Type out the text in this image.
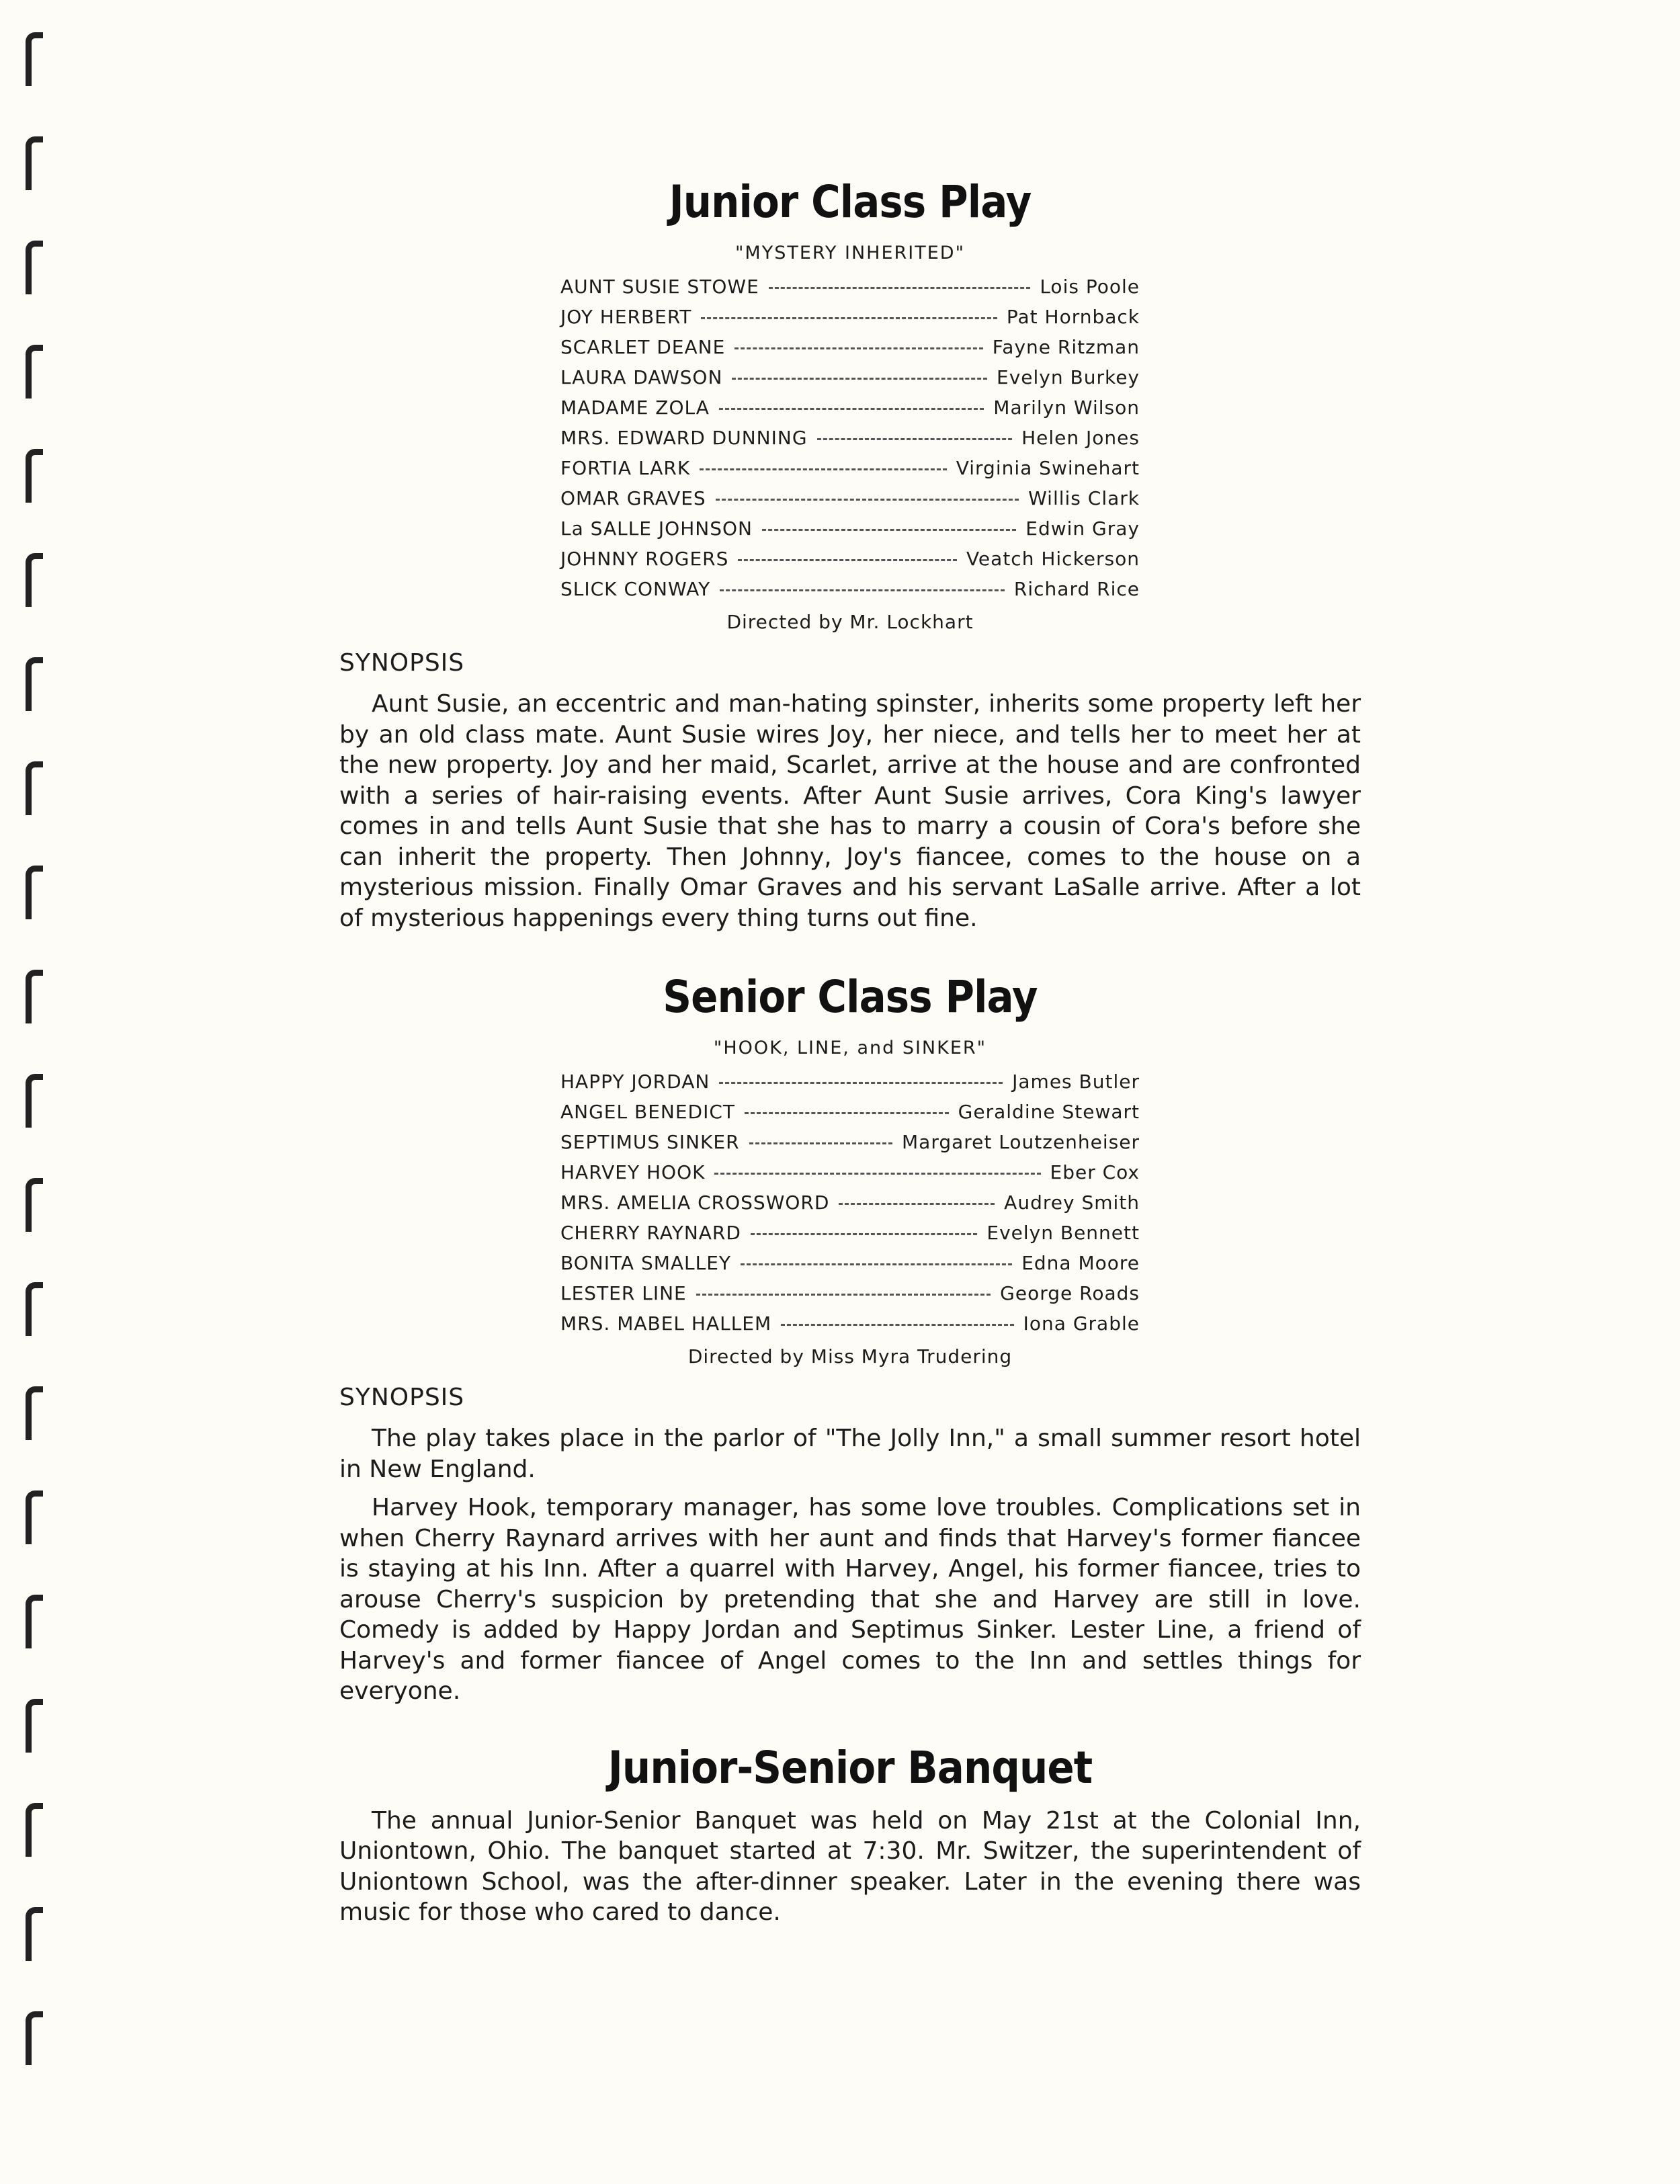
Junior Class Play
"MYSTERY INHERITED"
AUNT SUSIE STOWE	Lois Poole
JOY HERBERT	Pat Hornback
SCARLET DEANE	Fayne Ritzman
LAURA DAWSON	Evelyn Burkey
MADAME ZOLA	Marilyn Wilson
MRS. EDWARD DUNNING	Helen Jones
FORTIA LARK	Virginia Swinehart
OMAR GRAVES	Willis Clark
La SALLE JOHNSON	Edwin Gray
JOHNNY ROGERS	Veatch Hickerson
SLICK CONWAY	Richard Rice
Directed by Mr. Lockhart
SYNOPSIS

Aunt Susie, an eccentric and man-hating spinster, inherits some property left her by an old class mate. Aunt Susie wires Joy, her niece, and tells her to meet her at the new property. Joy and her maid, Scarlet, arrive at the house and are confronted with a series of hair-raising events. After Aunt Susie arrives, Cora King's lawyer comes in and tells Aunt Susie that she has to marry a cousin of Cora's before she can inherit the property. Then Johnny, Joy's fiancee, comes to the house on a mysterious mission. Finally Omar Graves and his servant LaSalle arrive. After a lot of mysterious happenings every thing turns out fine.

Senior Class Play
"HOOK, LINE, and SINKER"
HAPPY JORDAN	James Butler
ANGEL BENEDICT	Geraldine Stewart
SEPTIMUS SINKER	Margaret Loutzenheiser
HARVEY HOOK	Eber Cox
MRS. AMELIA CROSSWORD	Audrey Smith
CHERRY RAYNARD	Evelyn Bennett
BONITA SMALLEY	Edna Moore
LESTER LINE	George Roads
MRS. MABEL HALLEM	Iona Grable
Directed by Miss Myra Trudering
SYNOPSIS

The play takes place in the parlor of "The Jolly Inn," a small summer resort hotel in New England.

Harvey Hook, temporary manager, has some love troubles. Complications set in when Cherry Raynard arrives with her aunt and finds that Harvey's former fiancee is staying at his Inn. After a quarrel with Harvey, Angel, his former fiancee, tries to arouse Cherry's suspicion by pretending that she and Harvey are still in love. Comedy is added by Happy Jordan and Septimus Sinker. Lester Line, a friend of Harvey's and former fiancee of Angel comes to the Inn and settles things for everyone.

Junior-Senior Banquet

The annual Junior-Senior Banquet was held on May 21st at the Colonial Inn, Uniontown, Ohio. The banquet started at 7:30. Mr. Switzer, the superintendent of Uniontown School, was the after-dinner speaker. Later in the evening there was music for those who cared to dance.
